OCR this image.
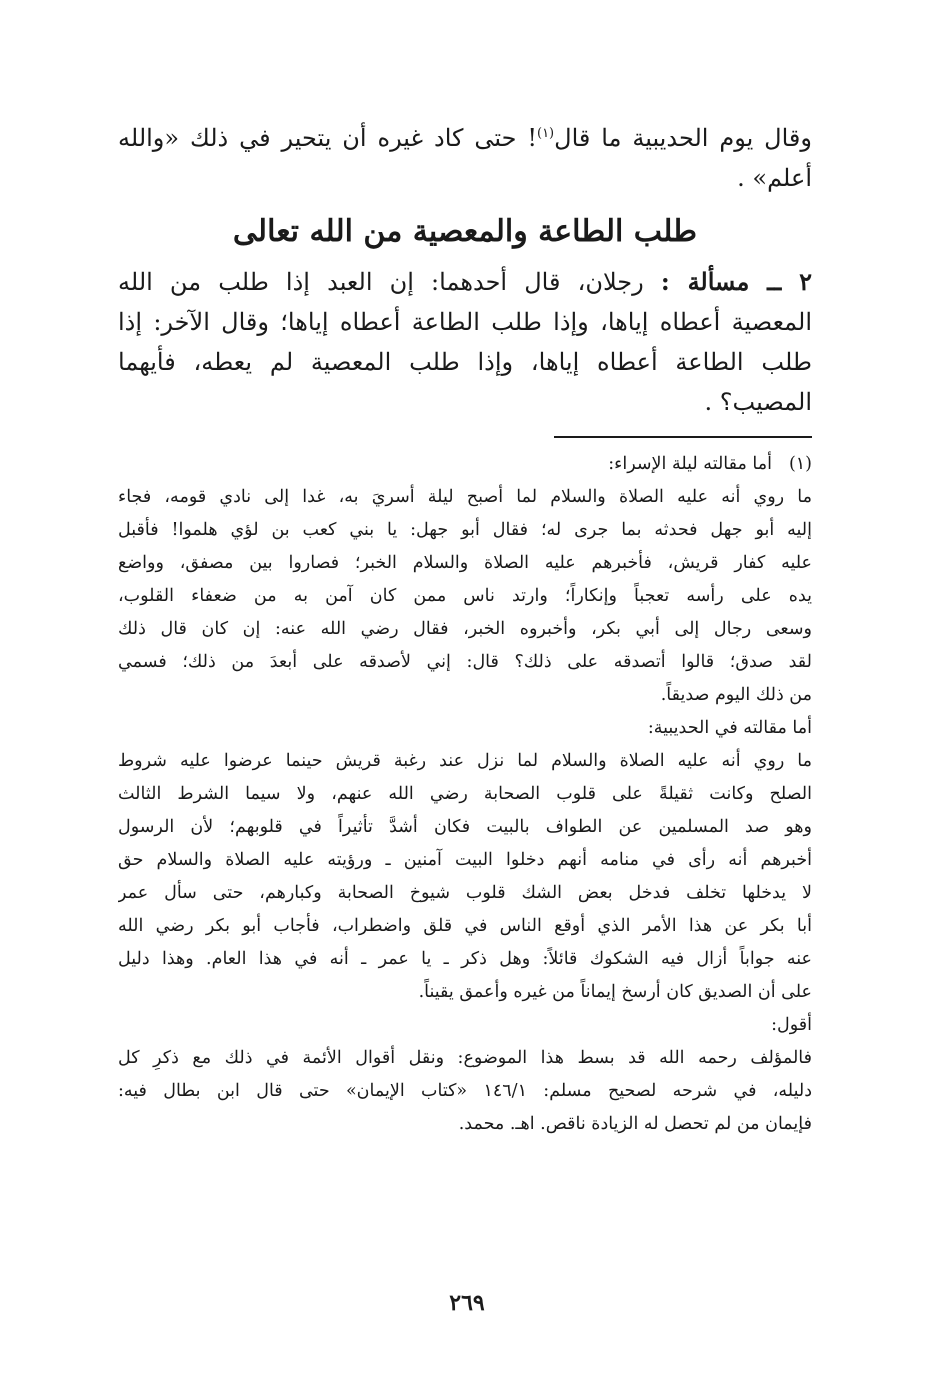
وقال يوم الحديبية ما قال$^{(١)}$! حتى كاد غيره أن يتحير في ذلك «والله
أعلم» .
طلب الطاعة والمعصية من الله تعالى
٢ ــ مسألة : رجلان، قال أحدهما: إن العبد إذا طلب من الله
المعصية أعطاه إياها، وإذا طلب الطاعة أعطاه إياها؛ وقال الآخر: إذا
طلب الطاعة أعطاه إياها، وإذا طلب المعصية لم يعطه، فأيهما
المصيب؟ .
(١)
أما مقالته ليلة الإسراء:
ما روي أنه عليه الصلاة والسلام لما أصبح ليلة أسريَ به، غدا إلى نادي قومه، فجاء
إليه أبو جهل فحدثه بما جرى له؛ فقال أبو جهل: يا بني كعب بن لؤي هلموا! فأقبل
عليه كفار قريش، فأخبرهم عليه الصلاة والسلام الخبر؛ فصاروا بين مصفق، وواضع
يده على رأسه تعجباً وإنكاراً؛ وارتد ناس ممن كان آمن به من ضعفاء القلوب،
وسعى رجال إلى أبي بكر، وأخبروه الخبر، فقال رضي الله عنه: إن كان قال ذلك
لقد صدق؛ قالوا أتصدقه على ذلك؟ قال: إني لأصدقه على أبعدَ من ذلك؛ فسمي
من ذلك اليوم صديقاً.
أما مقالته في الحديبية:
ما روي أنه عليه الصلاة والسلام لما نزل عند رغبة قريش حينما عرضوا عليه شروط
الصلح وكانت ثقيلةً على قلوب الصحابة رضي الله عنهم، ولا سيما الشرط الثالث
وهو صد المسلمين عن الطواف بالبيت فكان أشدَّ تأثيراً في قلوبهم؛ لأن الرسول
أخبرهم أنه رأى في منامه أنهم دخلوا البيت آمنين ـ ورؤيته عليه الصلاة والسلام حق
لا يدخلها تخلف فدخل بعض الشك قلوب شيوخ الصحابة وكبارهم، حتى سأل عمر
أبا بكر عن هذا الأمر الذي أوقع الناس في قلق واضطراب، فأجاب أبو بكر رضي الله
عنه جواباً أزال فيه الشكوك قائلاً: وهل ذكر ـ يا عمر ـ أنه في هذا العام. وهذا دليل
على أن الصديق كان أرسخ إيماناً من غيره وأعمق يقيناً.
أقول:
فالمؤلف رحمه الله قد بسط هذا الموضوع: ونقل أقوال الأئمة في ذلك مع ذكرِ كل
دليله، في شرحه لصحيح مسلم: ١٤٦/١ «كتاب الإيمان» حتى قال ابن بطال فيه:
فإيمان من لم تحصل له الزيادة ناقص. اهـ. محمد.
٢٦٩
